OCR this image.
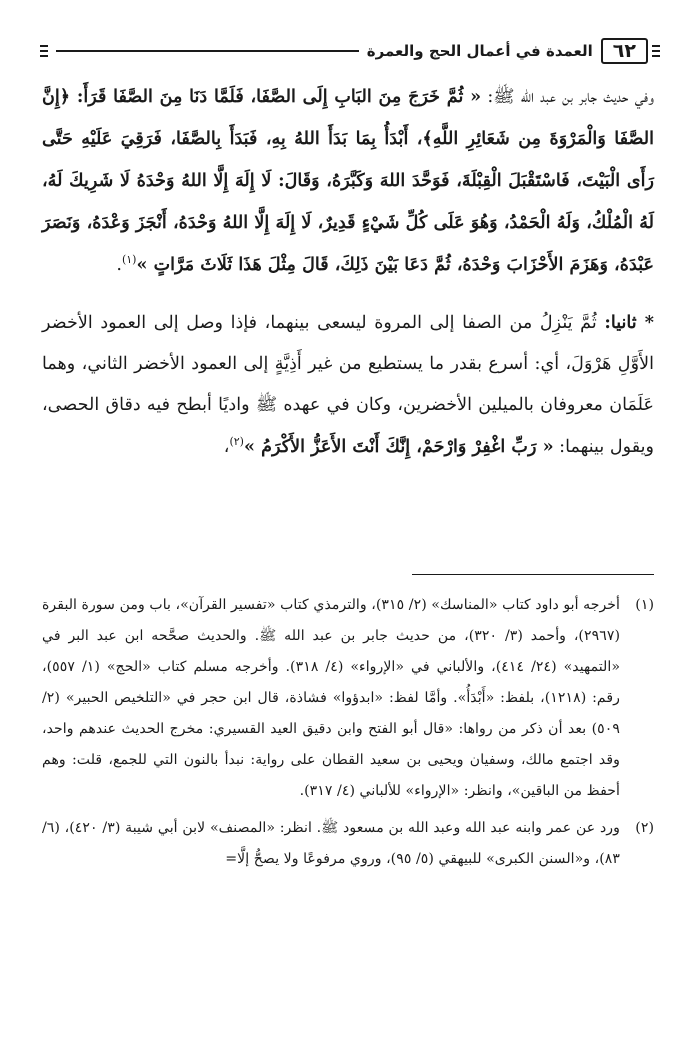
٦٢
العمدة في أعمال الحج والعمرة

وفي حديث جابر بن عبد الله ﷺ: « ثُمَّ خَرَجَ مِنَ البَابِ إِلَى الصَّفَا، فَلَمَّا دَنَا مِنَ الصَّفَا قَرَأَ: ﴿إِنَّ الصَّفَا وَالْمَرْوَةَ مِن شَعَائِرِ اللَّهِ﴾، أَبْدَأُ بِمَا بَدَأَ اللهُ بِهِ، فَبَدَأَ بِالصَّفَا، فَرَقِيَ عَلَيْهِ حَتَّى رَأَى الْبَيْتَ، فَاسْتَقْبَلَ الْقِبْلَةَ، فَوَحَّدَ اللهَ وَكَبَّرَهُ، وَقَالَ: لَا إِلَهَ إِلَّا اللهُ وَحْدَهُ لَا شَرِيكَ لَهُ، لَهُ الْمُلْكُ، وَلَهُ الْحَمْدُ، وَهُوَ عَلَى كُلِّ شَيْءٍ قَدِيرٌ، لَا إِلَهَ إِلَّا اللهُ وَحْدَهُ، أَنْجَزَ وَعْدَهُ، وَنَصَرَ عَبْدَهُ، وَهَزَمَ الأَحْزَابَ وَحْدَهُ، ثُمَّ دَعَا بَيْنَ ذَلِكَ، قَالَ مِثْلَ هَذَا ثَلَاثَ مَرَّاتٍ »$^{(١)}$.

* ثانيا: ثُمَّ يَنْزِلُ من الصفا إلى المروة ليسعى بينهما، فإذا وصل إلى العمود الأخضر الأَوَّلِ هَرْوَلَ، أي: أسرع بقدر ما يستطيع من غير أَذِيَّةٍ إلى العمود الأخضر الثاني، وهما عَلَمَان معروفان بالميلين الأخضرين، وكان في عهده ﷺ واديًا أبطح فيه دقاق الحصى، ويقول بينهما: « رَبِّ اغْفِرْ وَارْحَمْ، إِنَّكَ أَنْتَ الأَعَزُّ الأَكْرَمُ »$^{(٢)}$،

(١)
أخرجه أبو داود كتاب «المناسك» (٢/ ٣١٥)، والترمذي كتاب «تفسير القرآن»، باب ومن سورة البقرة (٢٩٦٧)، وأحمد (٣/ ٣٢٠)، من حديث جابر بن عبد الله ﷺ. والحديث صحَّحه ابن عبد البر في «التمهيد» (٢٤/ ٤١٤)، والألباني في «الإرواء» (٤/ ٣١٨). وأخرجه مسلم كتاب «الحج» (١/ ٥٥٧)، رقم: (١٢١٨)، بلفظ: «أَبْدَأُ». وأمَّا لفظ: «ابدؤوا» فشاذة، قال ابن حجر في «التلخيص الحبير» (٢/ ٥٠٩) بعد أن ذكر من رواها: «قال أبو الفتح وابن دقيق العيد القسيري: مخرج الحديث عندهم واحد، وقد اجتمع مالك، وسفيان ويحيى بن سعيد القطان على رواية: نبدأ بالنون التي للجمع، قلت: وهم أحفظ من الباقين»، وانظر: «الإرواء» للألباني (٤/ ٣١٧).
(٢)
ورد عن عمر وابنه عبد الله وعبد الله بن مسعود ﷺ. انظر: «المصنف» لابن أبي شيبة (٣/ ٤٢٠)، (٦/ ٨٣)، و«السنن الكبرى» للبيهقي (٥/ ٩٥)، وروي مرفوعًا ولا يصحُّ إلَّا=
